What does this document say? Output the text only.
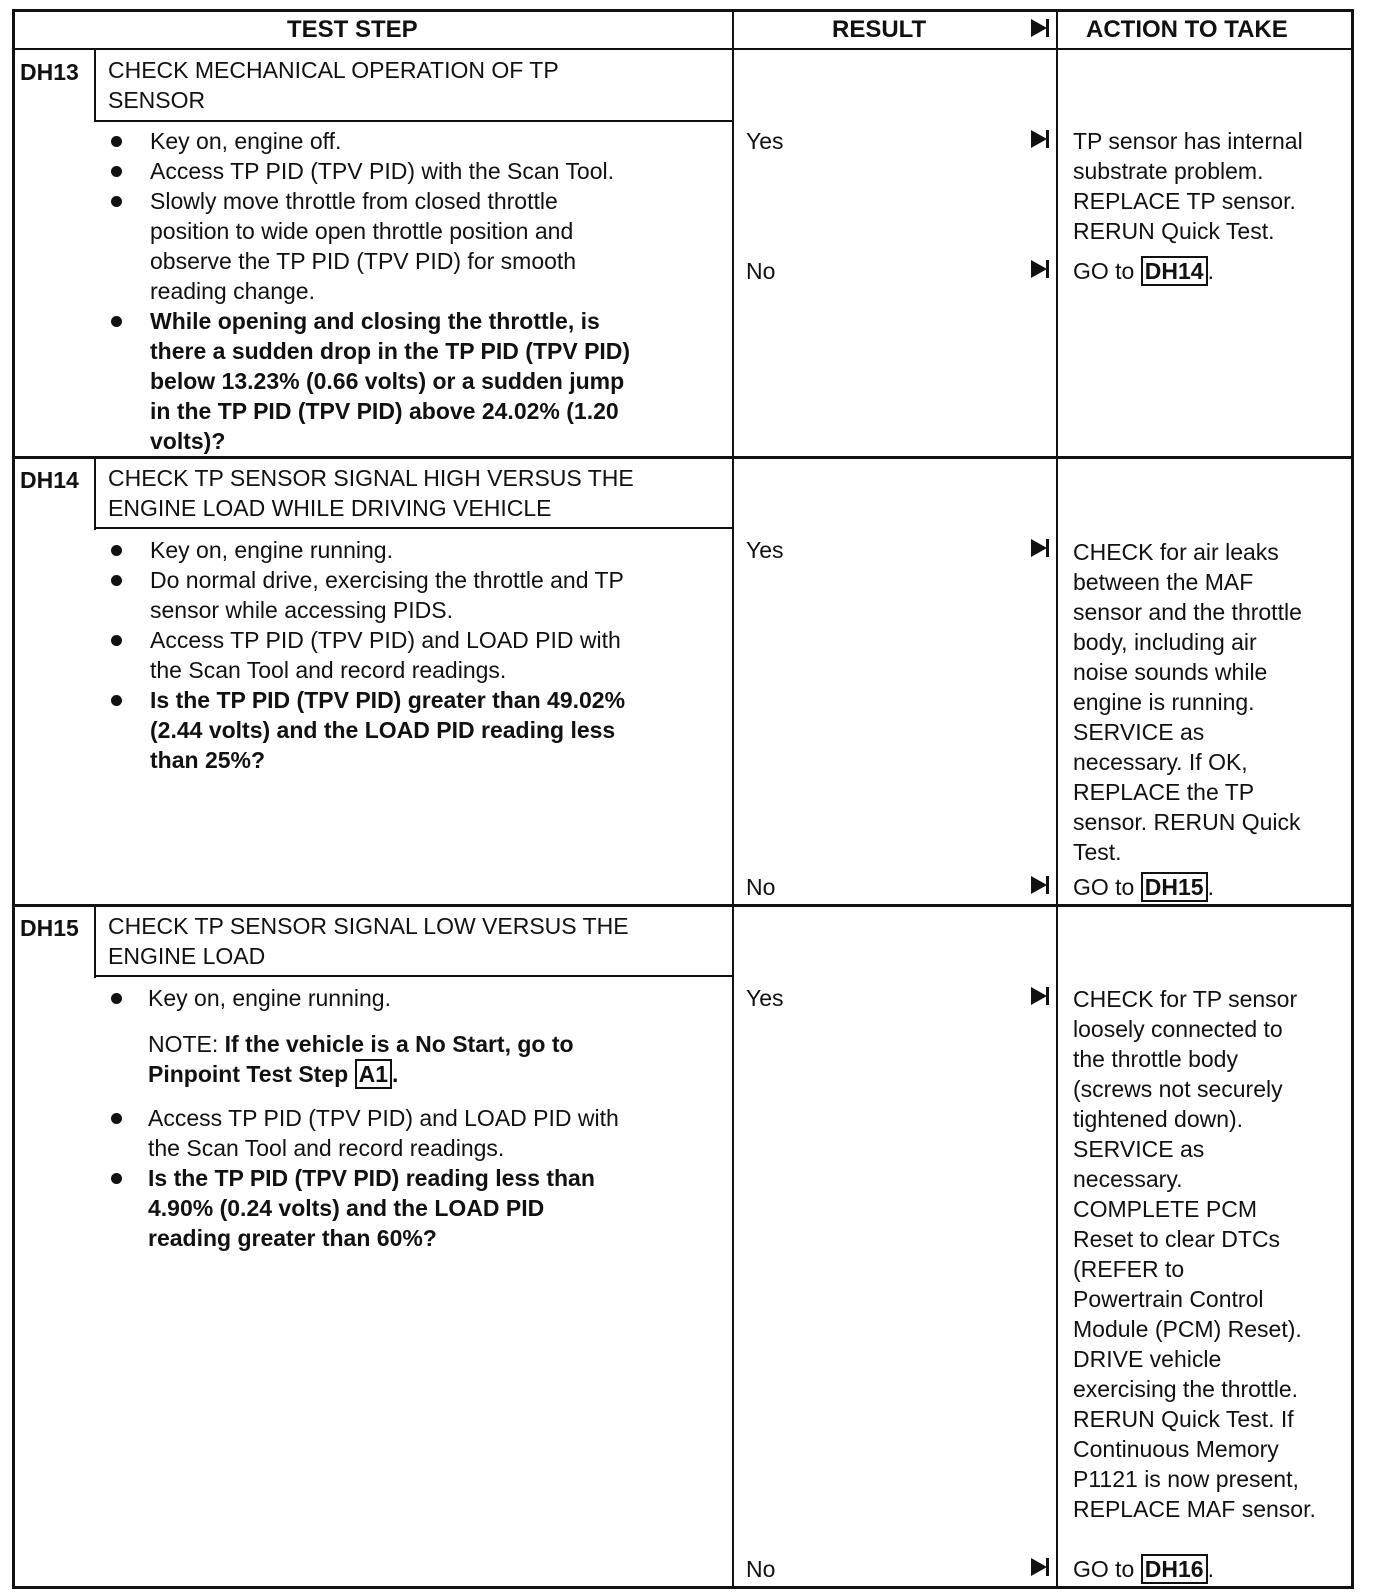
TEST STEP	RESULT	ACTION TO TAKE
DH13 CHECK MECHANICAL OPERATION OF TP
SENSOR
Key on, engine off.
Access TP PID (TPV PID) with the Scan Tool.
Slowly move throttle from closed throttle
position to wide open throttle position and
observe the TP PID (TPV PID) for smooth
reading change.
While opening and closing the throttle, is
there a sudden drop in the TP PID (TPV PID)
below 13.23% (0.66 volts) or a sudden jump
in the TP PID (TPV PID) above 24.02% (1.20
volts)?
Yes	TP sensor has internal
substrate problem.
REPLACE TP sensor.
RERUN Quick Test.
No	GO to DH14 .
DH14 CHECK TP SENSOR SIGNAL HIGH VERSUS THE
ENGINE LOAD WHILE DRIVING VEHICLE
Key on, engine running.
Do normal drive, exercising the throttle and TP
sensor while accessing PIDS.
Access TP PID (TPV PID) and LOAD PID with
the Scan Tool and record readings.
Is the TP PID (TPV PID) greater than 49.02%
(2.44 volts) and the LOAD PID reading less
than 25%?
Yes	CHECK for air leaks
between the MAF
sensor and the throttle
body, including air
noise sounds while
engine is running.
SERVICE as
necessary. If OK,
REPLACE the TP
sensor. RERUN Quick
Test.
No	GO to DH15 .
DH15 CHECK TP SENSOR SIGNAL LOW VERSUS THE
ENGINE LOAD
Key on, engine running.
NOTE: If the vehicle is a No Start, go to
Pinpoint Test Step A1 .
Access TP PID (TPV PID) and LOAD PID with
the Scan Tool and record readings.
Is the TP PID (TPV PID) reading less than
4.90% (0.24 volts) and the LOAD PID
reading greater than 60%?
Yes	CHECK for TP sensor
loosely connected to
the throttle body
(screws not securely
tightened down).
SERVICE as
necessary.
COMPLETE PCM
Reset to clear DTCs
(REFER to
Powertrain Control
Module (PCM) Reset).
DRIVE vehicle
exercising the throttle.
RERUN Quick Test. If
Continuous Memory
P1121 is now present,
REPLACE MAF sensor.
No	GO to DH16 .
